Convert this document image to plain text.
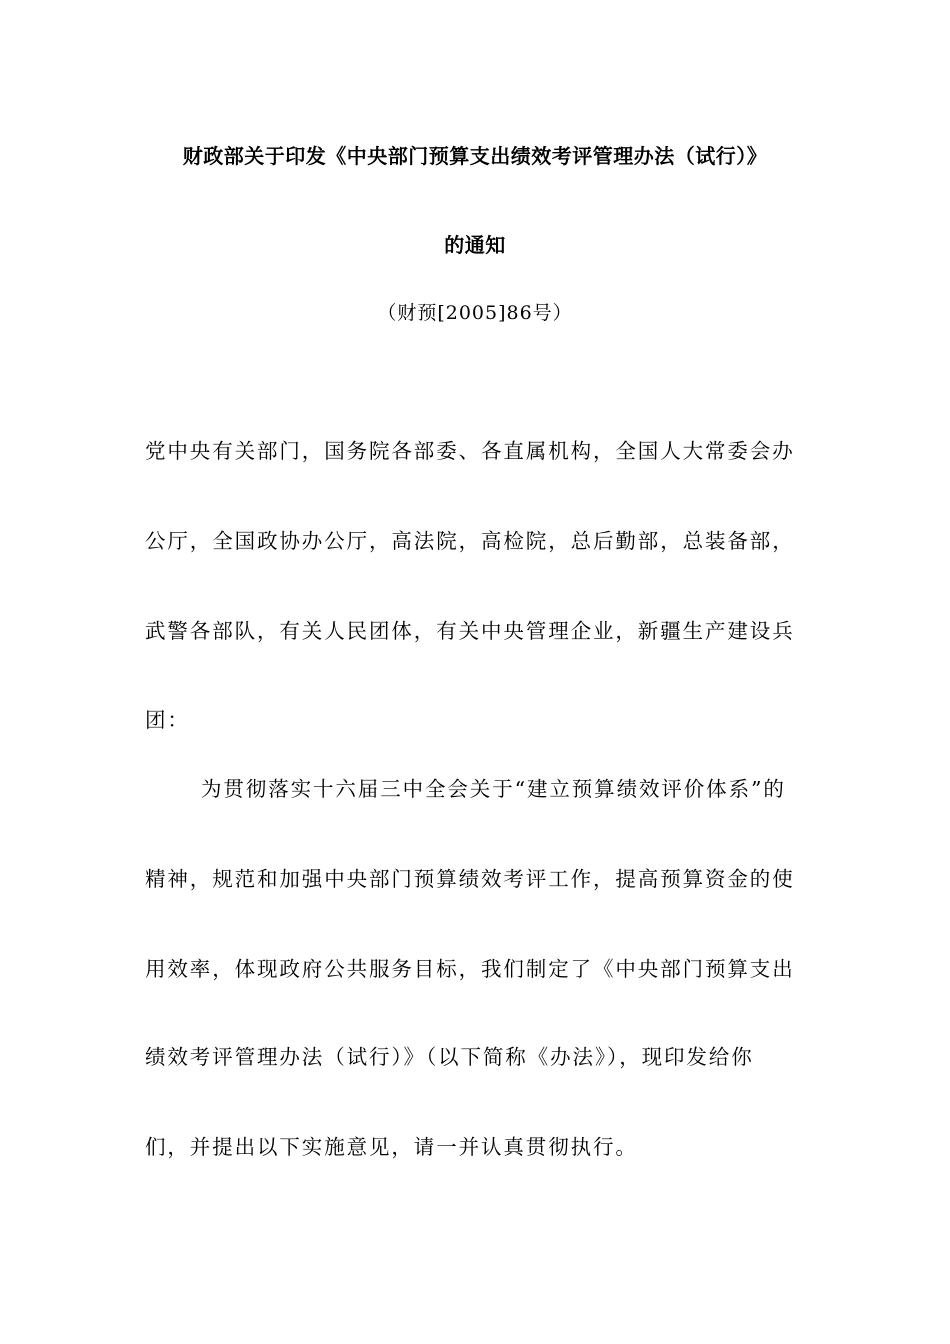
财政部关于印发《中央部门预算支出绩效考评管理办法（试行）》
的通知
（财预[2005]86号）
党中央有关部门，国务院各部委、各直属机构，全国人大常委会办
公厅，全国政协办公厅，高法院，高检院，总后勤部，总装备部，
武警各部队，有关人民团体，有关中央管理企业，新疆生产建设兵
团：
为贯彻落实十六届三中全会关于“建立预算绩效评价体系”的
精神，规范和加强中央部门预算绩效考评工作，提高预算资金的使
用效率，体现政府公共服务目标，我们制定了《中央部门预算支出
绩效考评管理办法（试行）》（以下简称《办法》），现印发给你
们，并提出以下实施意见，请一并认真贯彻执行。
